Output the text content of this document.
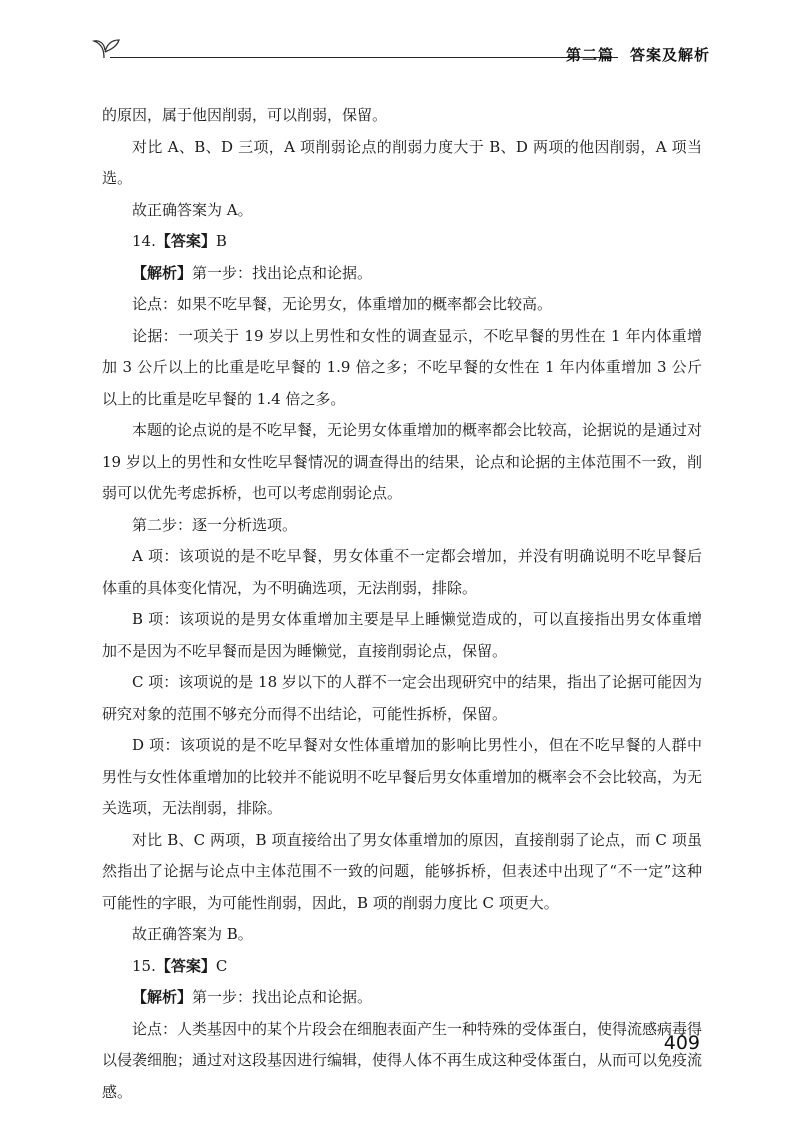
第二篇　答案及解析

的原因，属于他因削弱，可以削弱，保留。

对比 A、B、D 三项，A 项削弱论点的削弱力度大于 B、D 两项的他因削弱，A 项当选。

故正确答案为 A。

14.【答案】B

【解析】第一步：找出论点和论据。

论点：如果不吃早餐，无论男女，体重增加的概率都会比较高。

论据：一项关于 19 岁以上男性和女性的调查显示，不吃早餐的男性在 1 年内体重增加 3 公斤以上的比重是吃早餐的 1.9 倍之多；不吃早餐的女性在 1 年内体重增加 3 公斤以上的比重是吃早餐的 1.4 倍之多。

本题的论点说的是不吃早餐，无论男女体重增加的概率都会比较高，论据说的是通过对 19 岁以上的男性和女性吃早餐情况的调查得出的结果，论点和论据的主体范围不一致，削弱可以优先考虑拆桥，也可以考虑削弱论点。

第二步：逐一分析选项。

A 项：该项说的是不吃早餐，男女体重不一定都会增加，并没有明确说明不吃早餐后体重的具体变化情况，为不明确选项，无法削弱，排除。

B 项：该项说的是男女体重增加主要是早上睡懒觉造成的，可以直接指出男女体重增加不是因为不吃早餐而是因为睡懒觉，直接削弱论点，保留。

C 项：该项说的是 18 岁以下的人群不一定会出现研究中的结果，指出了论据可能因为研究对象的范围不够充分而得不出结论，可能性拆桥，保留。

D 项：该项说的是不吃早餐对女性体重增加的影响比男性小，但在不吃早餐的人群中男性与女性体重增加的比较并不能说明不吃早餐后男女体重增加的概率会不会比较高，为无关选项，无法削弱，排除。

对比 B、C 两项，B 项直接给出了男女体重增加的原因，直接削弱了论点，而 C 项虽然指出了论据与论点中主体范围不一致的问题，能够拆桥，但表述中出现了“不一定”这种可能性的字眼，为可能性削弱，因此，B 项的削弱力度比 C 项更大。

故正确答案为 B。

15.【答案】C

【解析】第一步：找出论点和论据。

论点：人类基因中的某个片段会在细胞表面产生一种特殊的受体蛋白，使得流感病毒得以侵袭细胞；通过对这段基因进行编辑，使得人体不再生成这种受体蛋白，从而可以免疫流感。

409
